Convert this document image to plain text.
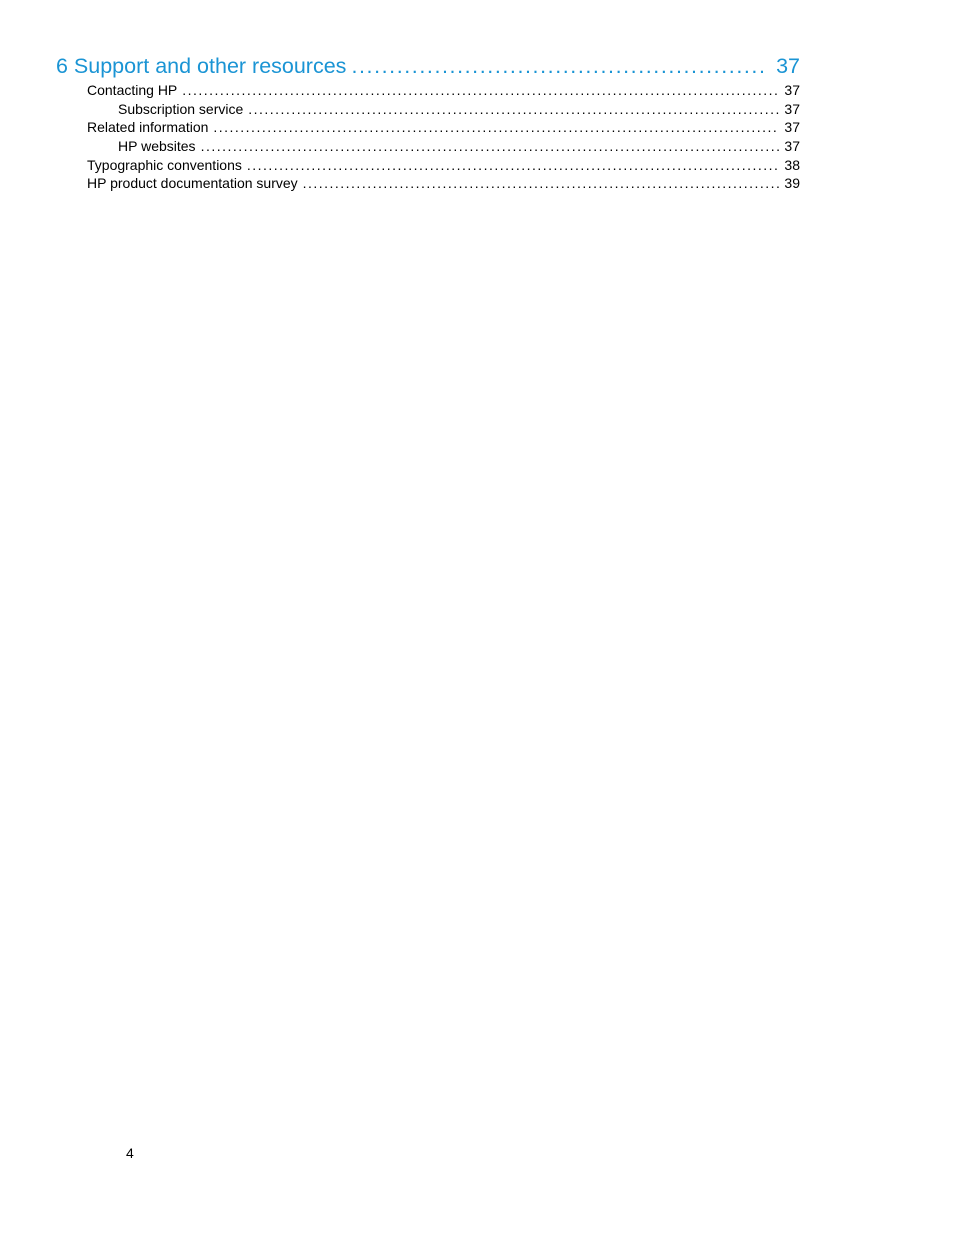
6 Support and other resources . . .	37
Contacting HP . . .	37
Subscription service . . .	37
Related information . . .	37
HP websites . . .	37
Typographic conventions . . .	38
HP product documentation survey . . .	39
4
